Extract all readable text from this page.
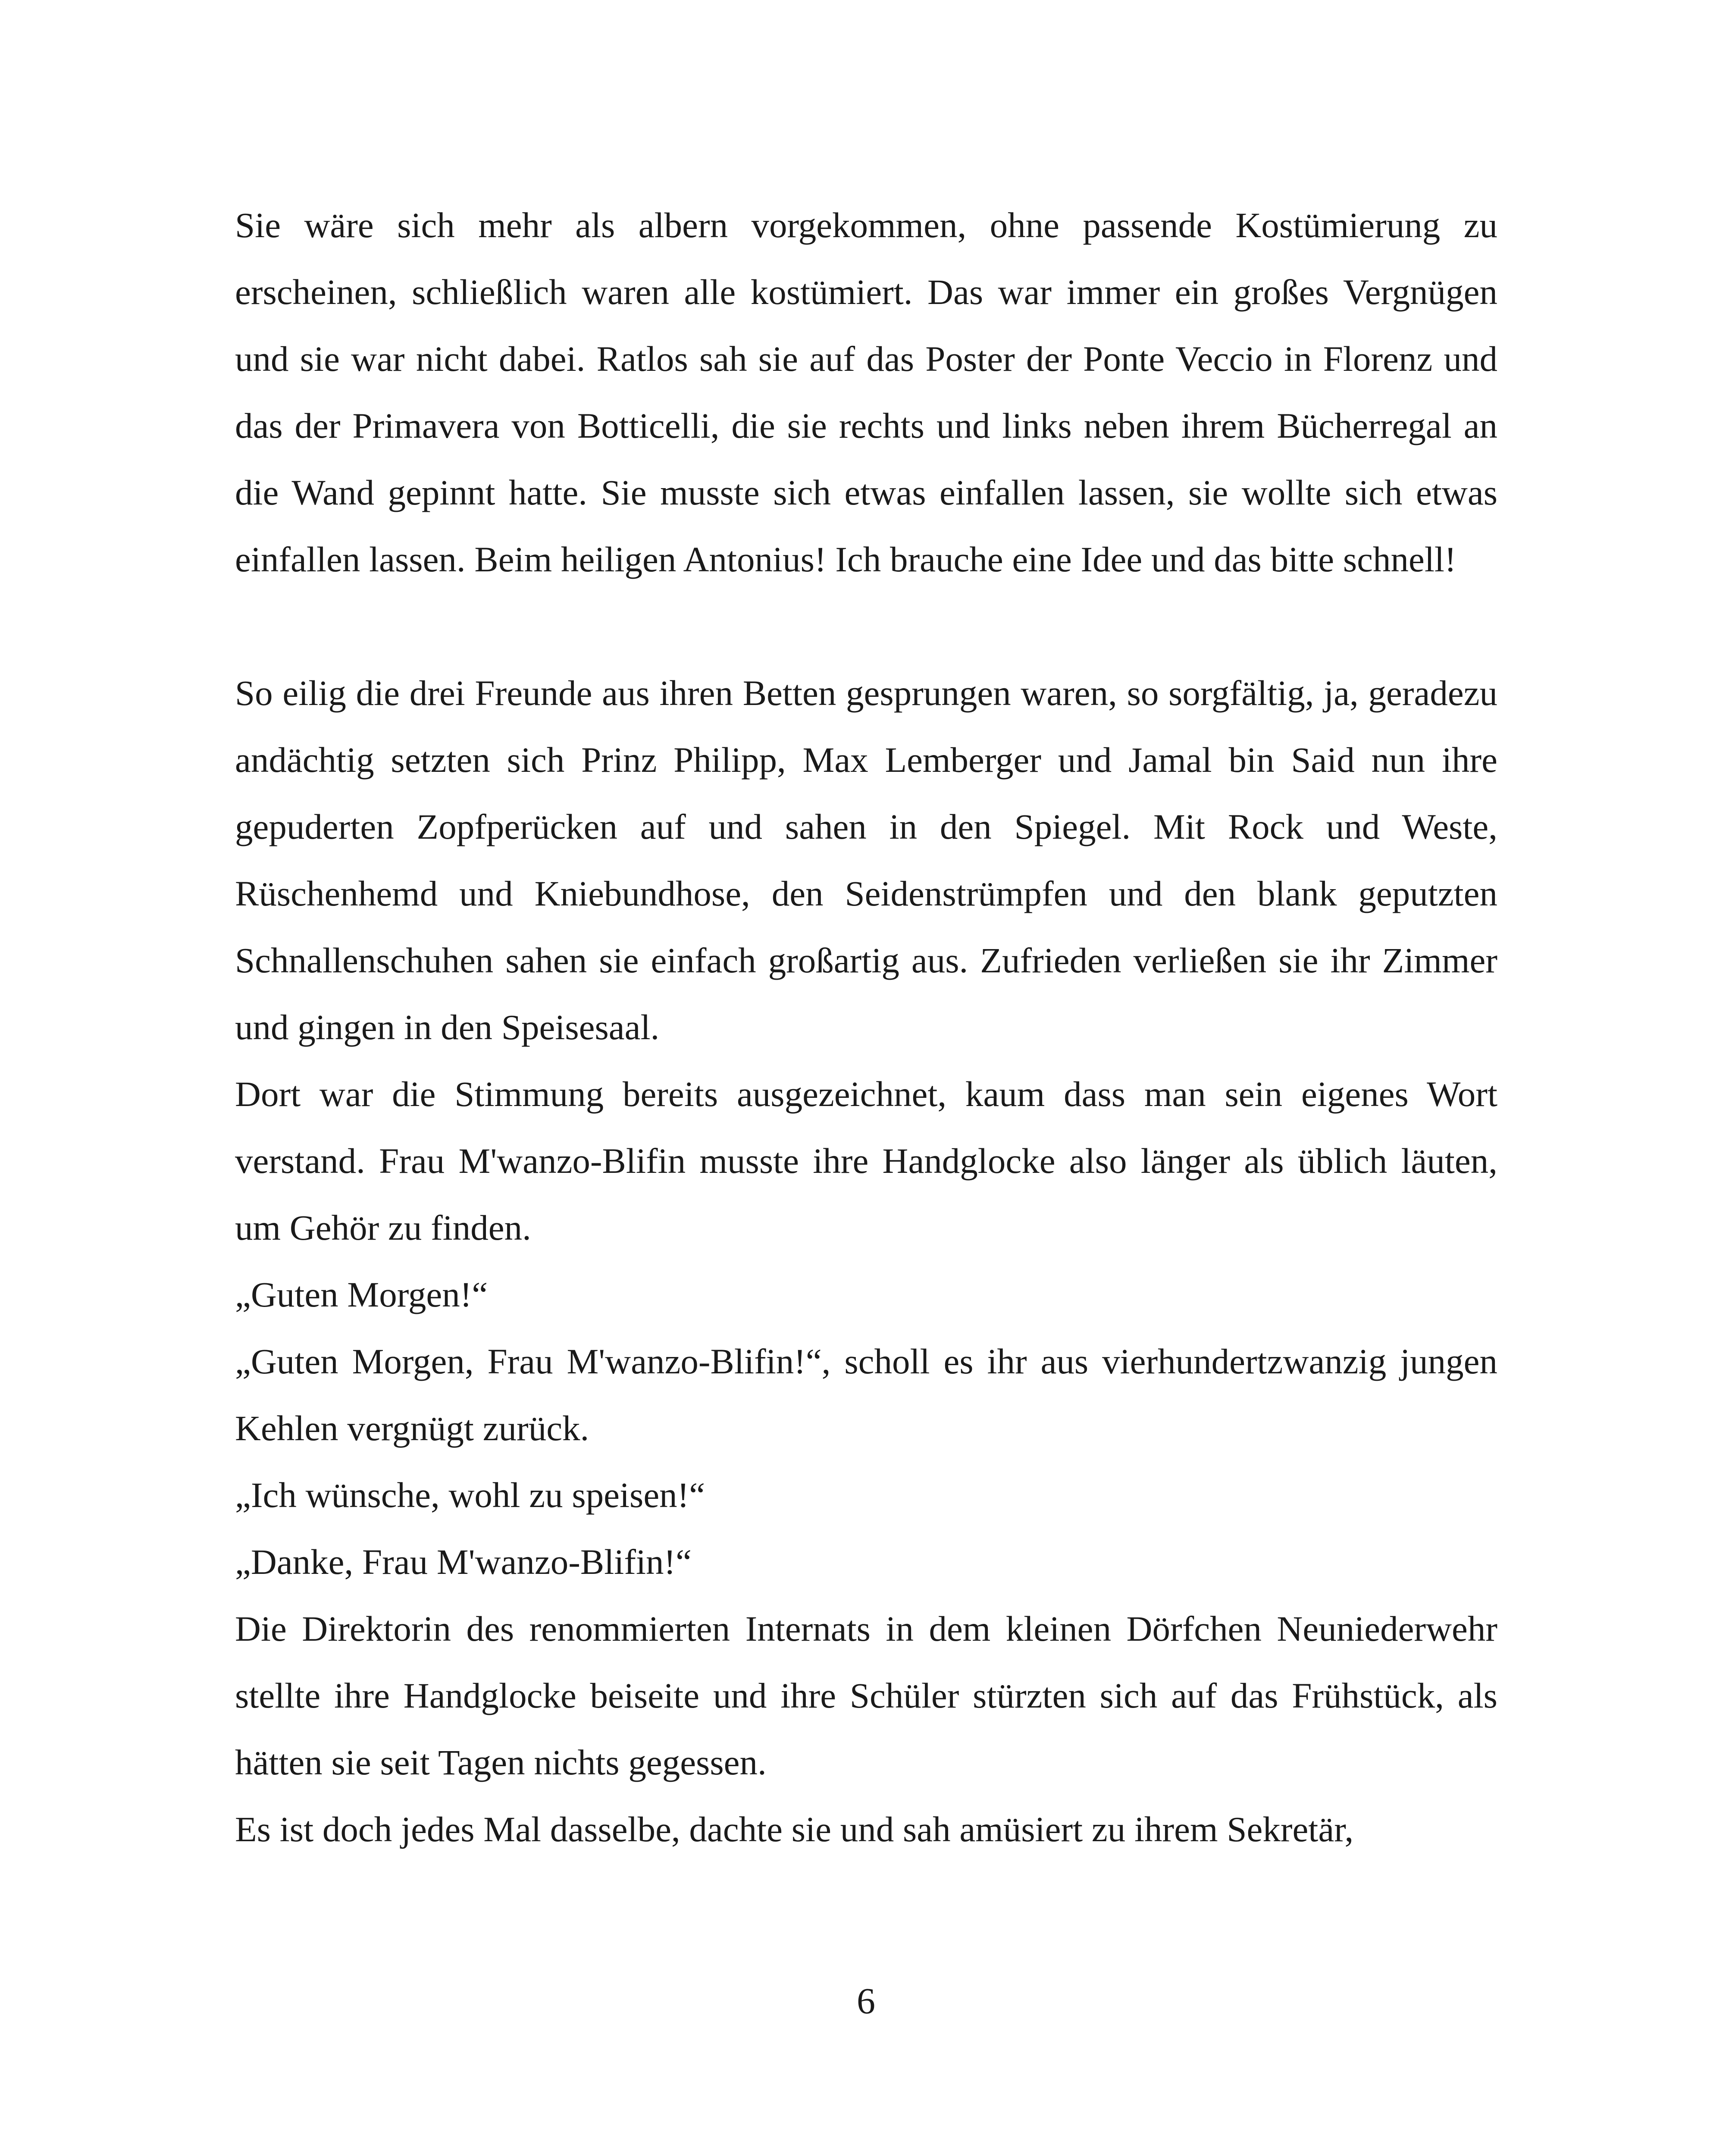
Sie wäre sich mehr als albern vorgekommen, ohne passende Kostümierung zu erscheinen, schließlich waren alle kostümiert. Das war immer ein großes Vergnügen und sie war nicht dabei. Ratlos sah sie auf das Poster der Ponte Veccio in Florenz und das der Primavera von Botticelli, die sie rechts und links neben ihrem Bücherregal an die Wand gepinnt hatte. Sie musste sich etwas einfallen lassen, sie wollte sich etwas einfallen lassen. Beim heiligen Antonius! Ich brauche eine Idee und das bitte schnell!

So eilig die drei Freunde aus ihren Betten gesprungen waren, so sorgfältig, ja, geradezu andächtig setzten sich Prinz Philipp, Max Lemberger und Jamal bin Said nun ihre gepuderten Zopfperücken auf und sahen in den Spiegel. Mit Rock und Weste, Rüschenhemd und Kniebundhose, den Seidenstrümpfen und den blank geputzten Schnallenschuhen sahen sie einfach großartig aus. Zufrieden verließen sie ihr Zimmer und gingen in den Speisesaal.

Dort war die Stimmung bereits ausgezeichnet, kaum dass man sein eigenes Wort verstand. Frau M'wanzo-Blifin musste ihre Handglocke also länger als üblich läuten, um Gehör zu finden.

„Guten Morgen!“

„Guten Morgen, Frau M'wanzo-Blifin!“, scholl es ihr aus vierhundertzwanzig jungen Kehlen vergnügt zurück.

„Ich wünsche, wohl zu speisen!“

„Danke, Frau M'wanzo-Blifin!“

Die Direktorin des renommierten Internats in dem kleinen Dörfchen Neuniederwehr stellte ihre Handglocke beiseite und ihre Schüler stürzten sich auf das Frühstück, als hätten sie seit Tagen nichts gegessen.

Es ist doch jedes Mal dasselbe, dachte sie und sah amüsiert zu ihrem Sekretär,

6
